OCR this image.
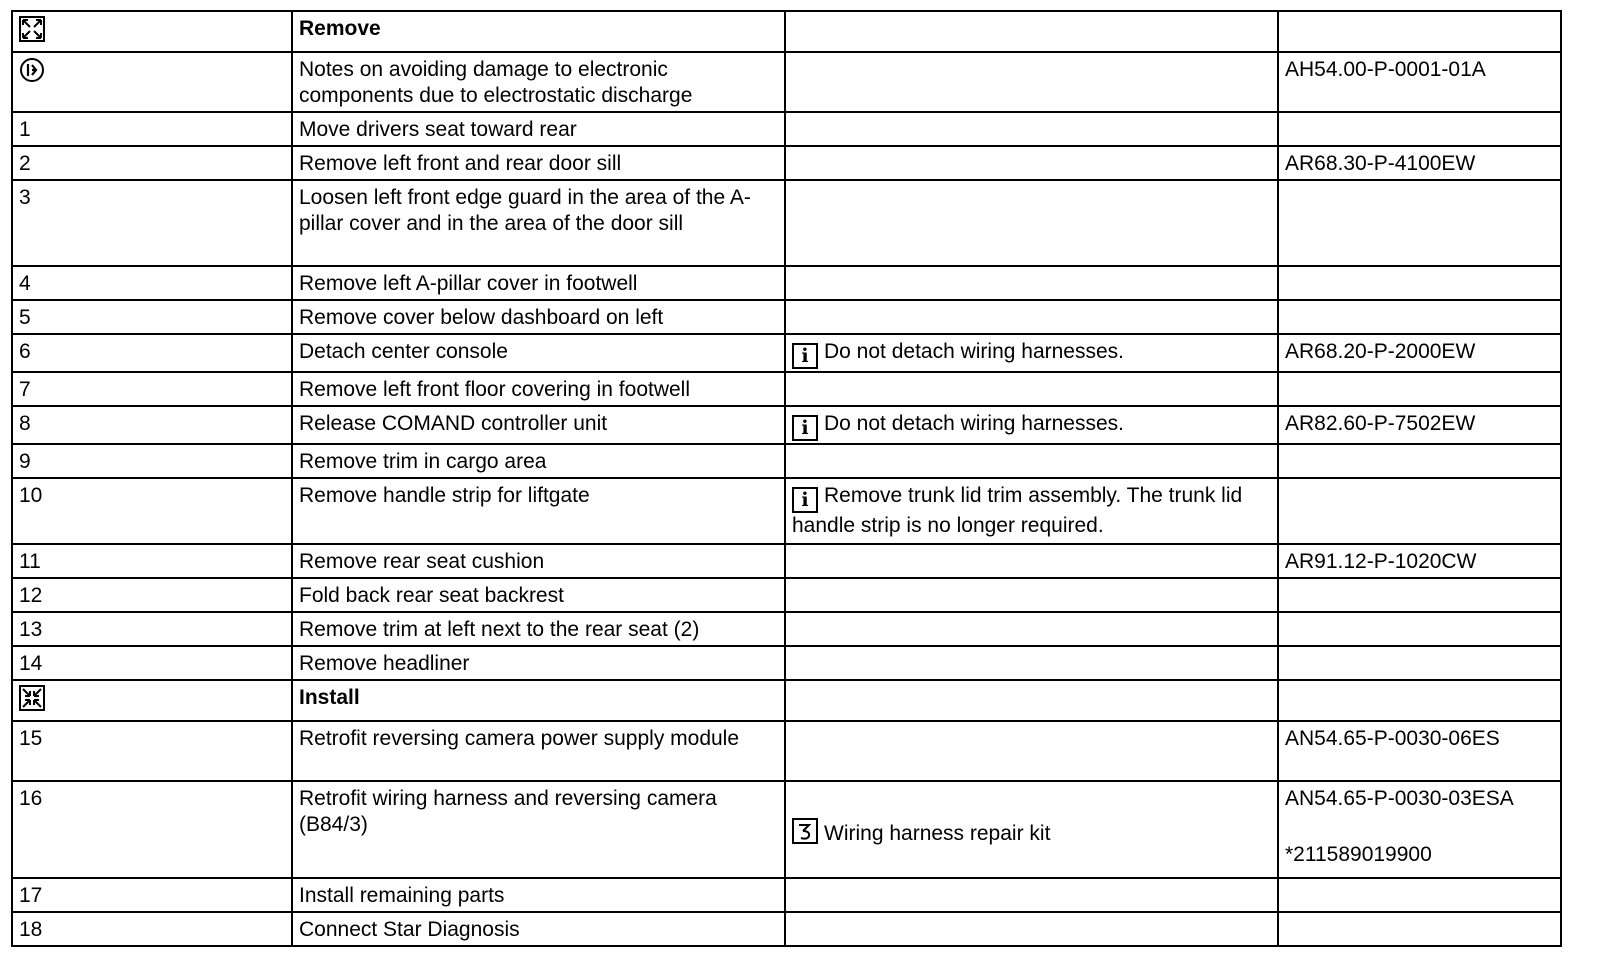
	Remove		
	Notes on avoiding damage to electronic components due to electrostatic discharge		AH54.00-P-0001-01A
1	Move drivers seat toward rear		
2	Remove left front and rear door sill		AR68.30-P-4100EW
3	Loosen left front edge guard in the area of the A-pillar cover and in the area of the door sill		
4	Remove left A-pillar cover in footwell		
5	Remove cover below dashboard on left		
6	Detach center console	i Do not detach wiring harnesses.	AR68.20-P-2000EW
7	Remove left front floor covering in footwell		
8	Release COMAND controller unit	i Do not detach wiring harnesses.	AR82.60-P-7502EW
9	Remove trim in cargo area		
10	Remove handle strip for liftgate	i Remove trunk lid trim assembly. The trunk lid handle strip is no longer required.	
11	Remove rear seat cushion		AR91.12-P-1020CW
12	Fold back rear seat backrest		
13	Remove trim at left next to the rear seat (2)		
14	Remove headliner		
	Install		
15	Retrofit reversing camera power supply module		AN54.65-P-0030-06ES
16	Retrofit wiring harness and reversing camera (B84/3)	Wiring harness repair kit	AN54.65-P-0030-03ESA
*211589019900

17	Install remaining parts		
18	Connect Star Diagnosis		
